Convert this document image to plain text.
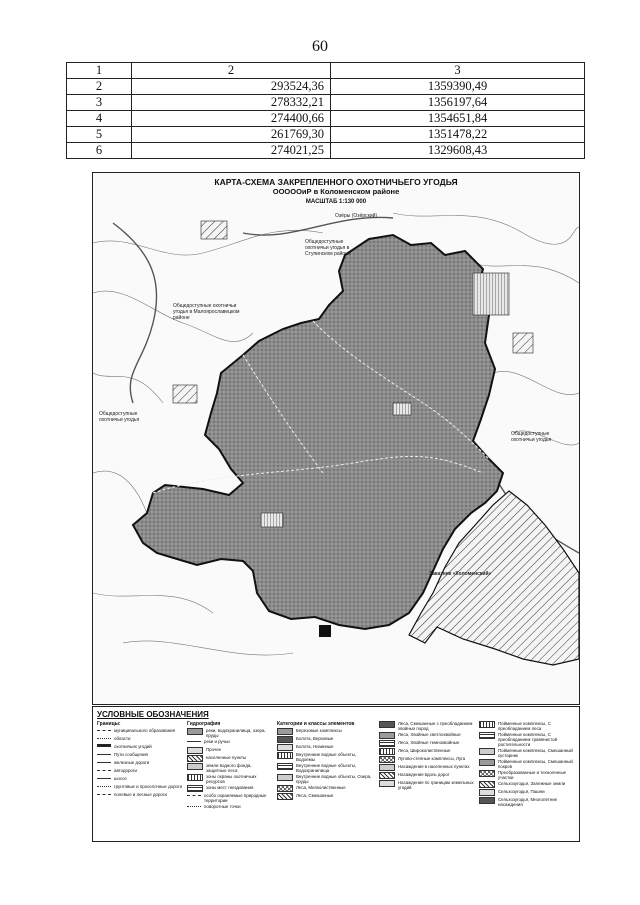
60
1	2	3
2	293524,36	1359390,49
3	278332,21	1356197,64
4	274400,66	1354651,84
5	261769,30	1351478,22
6	274021,25	1329608,43
КАРТА-СХЕМА ЗАКРЕПЛЕННОГО ОХОТНИЧЬЕГО УГОДЬЯ
ОООООиР в Коломенском районе
МАСШТАБ 1:130 000
Озёры (Озёрский)
Общедоступные охотничьи угодья в Малоярославецком районе
Общедоступные охотничьи угодья
Общедоступные охотничьи угодья
Заказник «Коломенский»
Общедоступные охотничьи угодья в Ступинском районе
УСЛОВНЫЕ ОБОЗНАЧЕНИЯ
Границы:
муниципального образования
области
охотничьих угодий
Пути сообщения
железные дороги
автодороги
шоссе
грунтовые и проселочные дороги
полевые и лесные дороги
Гидрография
реки, водохранилища, озера, пруды
реки и ручьи
Прочее
населенные пункты
земли водного фонда, защитные леса
зоны охраны охотничьих ресурсов
зоны мест гнездования
особо охраняемые природные территории
поворотные точки
Категории и классы элементов
Березовые комплексы
Болота, Верховые
Болота, Низинные
Внутренние водные объекты, Водоемы
Внутренние водные объекты, Водохранилища
Внутренние водные объекты, Озера, пруды
Леса, Мелколиственные
Леса, Смешанные
Леса, Смешанные с преобладанием хвойных пород
Леса, Хвойные светлохвойные
Леса, Хвойные темнохвойные
Леса, Широколиственные
Лугово-степные комплексы, Луга
Насаждения в населенных пунктах
Насаждения вдоль дорог
Насаждения по границам земельных угодий
Пойменные комплексы, С преобладанием леса
Пойменные комплексы, С преобладанием травянистой растительности
Пойменные комплексы, Смешанный кустарник
Пойменные комплексы, Смешанный покров
Преобразованные и техногенные участки
Сельхозугодья, Залежные земли
Сельхозугодья, Пашни
Сельхозугодья, Многолетние насаждения
